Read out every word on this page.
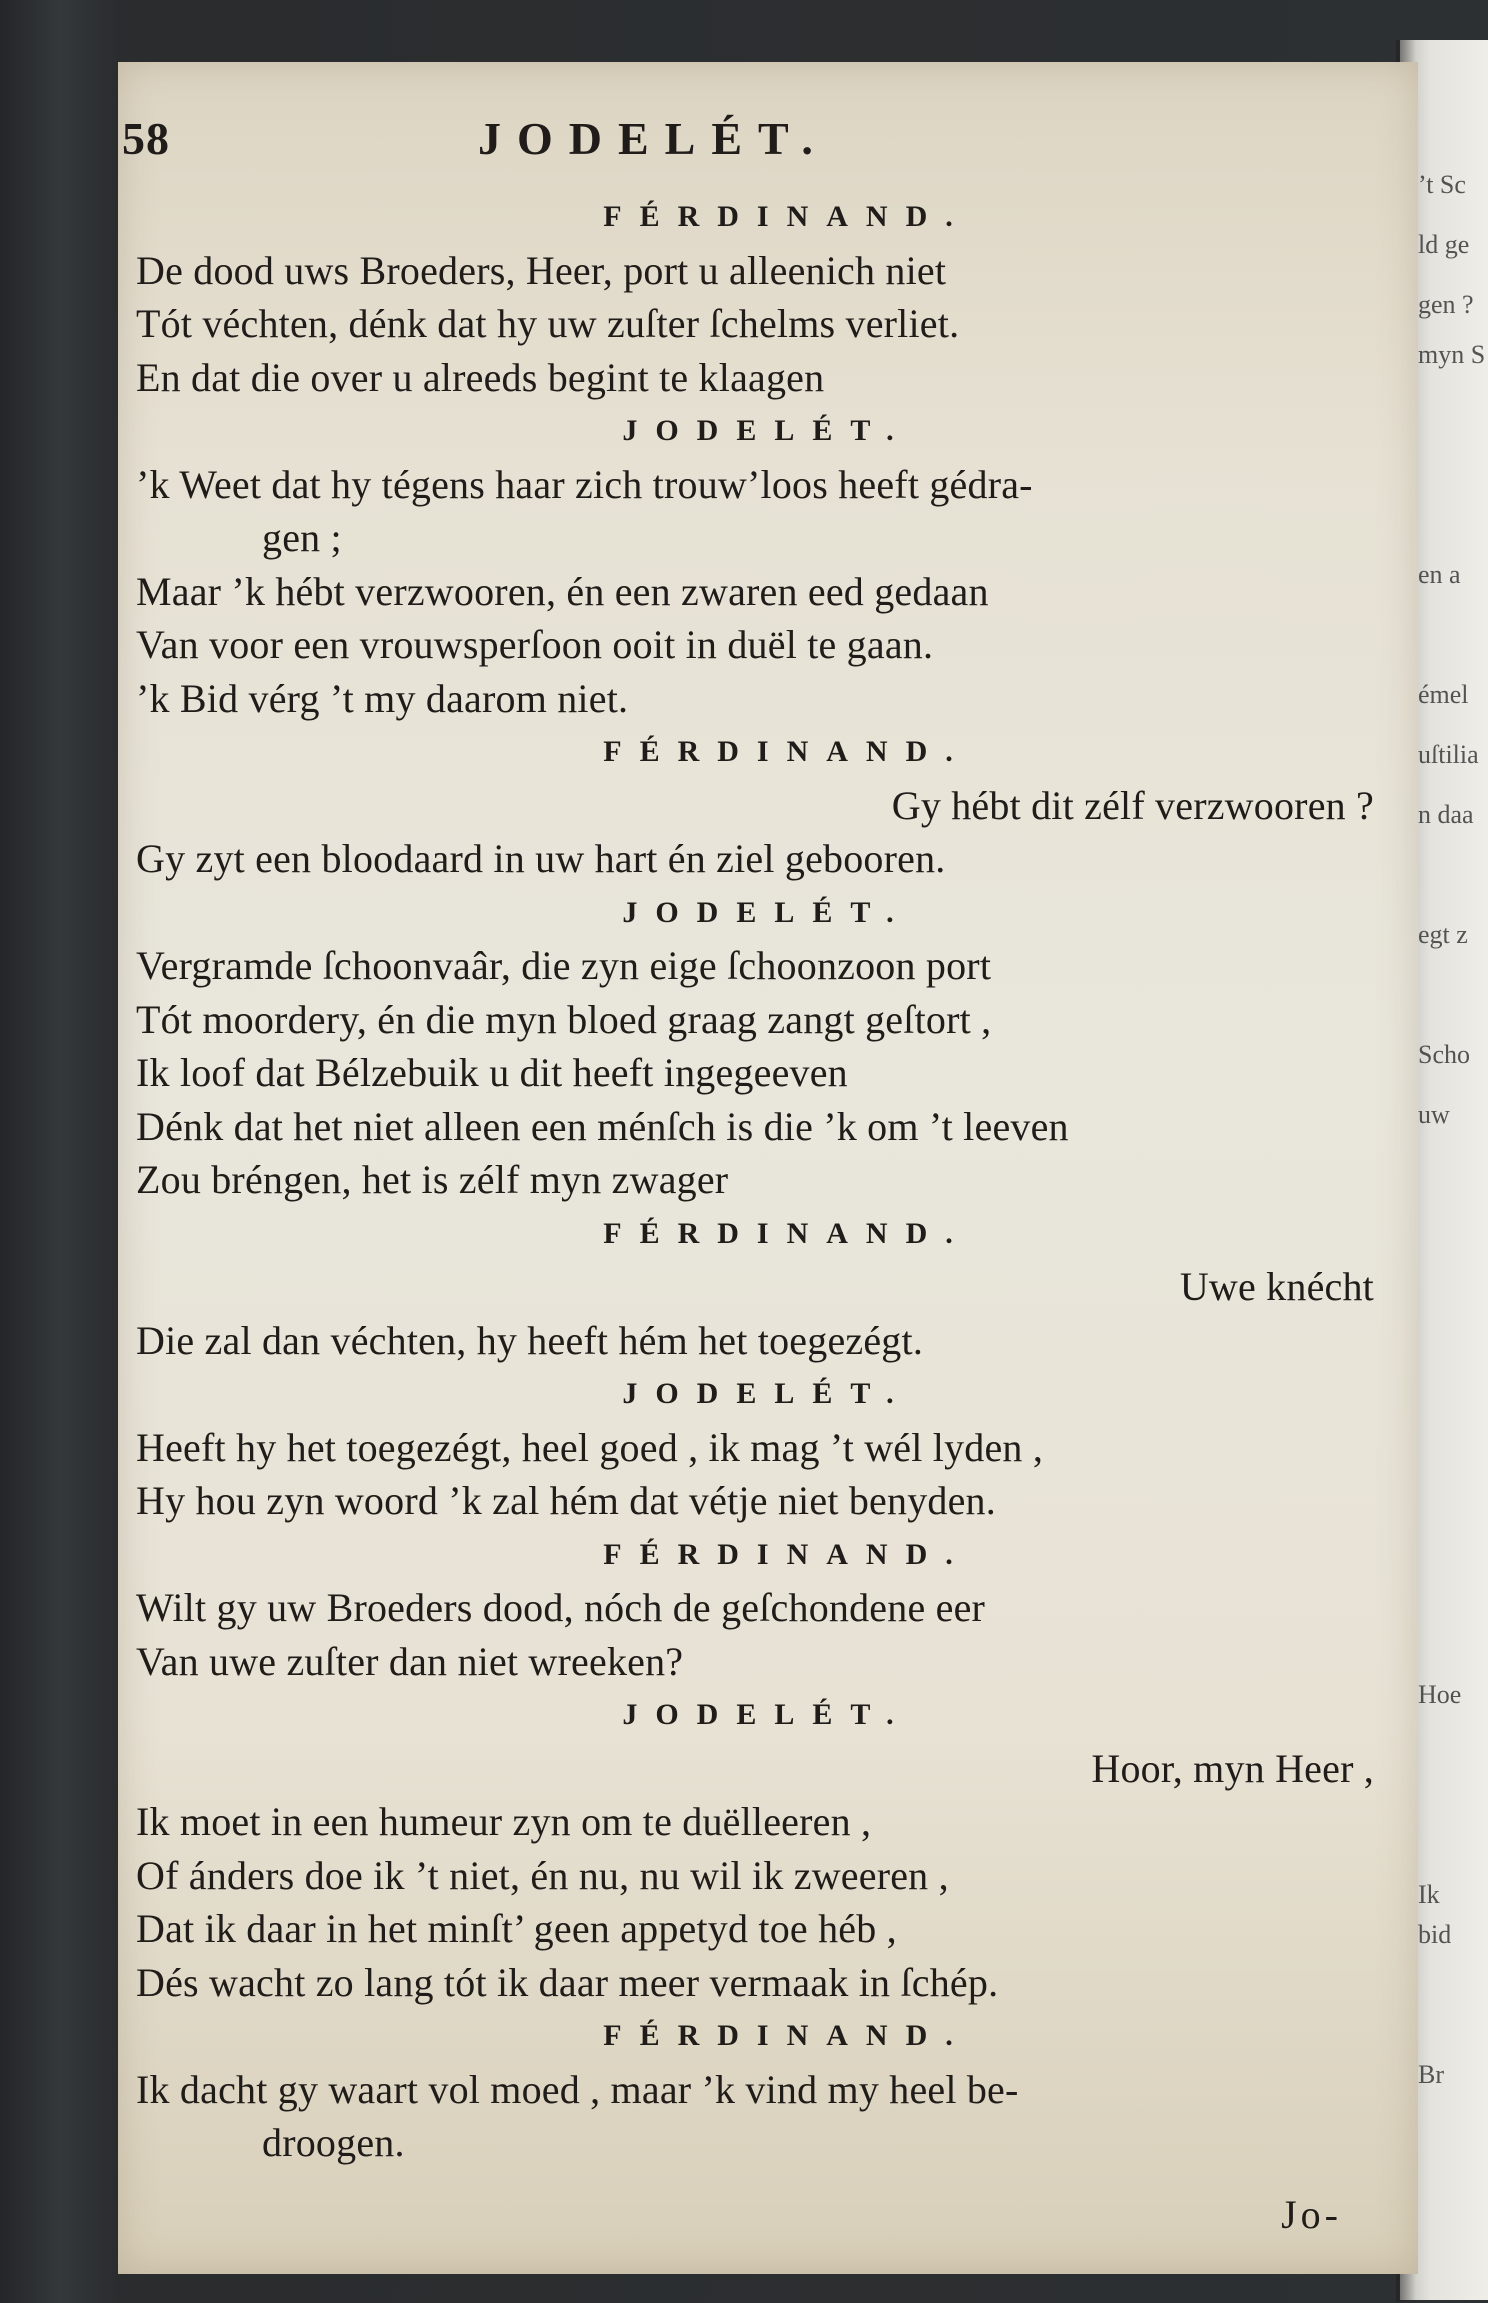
’t Sc
ld ge
gen ?
myn S
en a
émel
uſtilia
n daa
egt z
Scho
uw
Hoe
Ik
bid
Br
58	JODELÉT.
FÉRDINAND.
De dood uws Broeders, Heer, port u alleenich niet
Tót véchten, dénk dat hy uw zuſter ſchelms verliet.
En dat die over u alreeds begint te klaagen
JODELÉT.
’k Weet dat hy tégens haar zich trouw’loos heeft gédra-
gen ;
Maar ’k hébt verzwooren, én een zwaren eed gedaan
Van voor een vrouwsperſoon ooit in duël te gaan.
’k Bid vérg ’t my daarom niet.
FÉRDINAND.
Gy hébt dit zélf verzwooren ?
Gy zyt een bloodaard in uw hart én ziel gebooren.
JODELÉT.
Vergramde ſchoonvaâr, die zyn eige ſchoonzoon port
Tót moordery, én die myn bloed graag zangt geſtort ,
Ik loof dat Bélzebuik u dit heeft ingegeeven
Dénk dat het niet alleen een ménſch is die ’k om ’t leeven
Zou bréngen, het is zélf myn zwager
FÉRDINAND.
Uwe knécht
Die zal dan véchten, hy heeft hém het toegezégt.
JODELÉT.
Heeft hy het toegezégt, heel goed , ik mag ’t wél lyden ,
Hy hou zyn woord ’k zal hém dat vétje niet benyden.
FÉRDINAND.
Wilt gy uw Broeders dood, nóch de geſchondene eer
Van uwe zuſter dan niet wreeken?
JODELÉT.
Hoor, myn Heer ,
Ik moet in een humeur zyn om te duëlleeren ,
Of ánders doe ik ’t niet, én nu, nu wil ik zweeren ,
Dat ik daar in het minſt’ geen appetyd toe héb ,
Dés wacht zo lang tót ik daar meer vermaak in ſchép.
FÉRDINAND.
Ik dacht gy waart vol moed , maar ’k vind my heel be-
droogen.
Jo-
